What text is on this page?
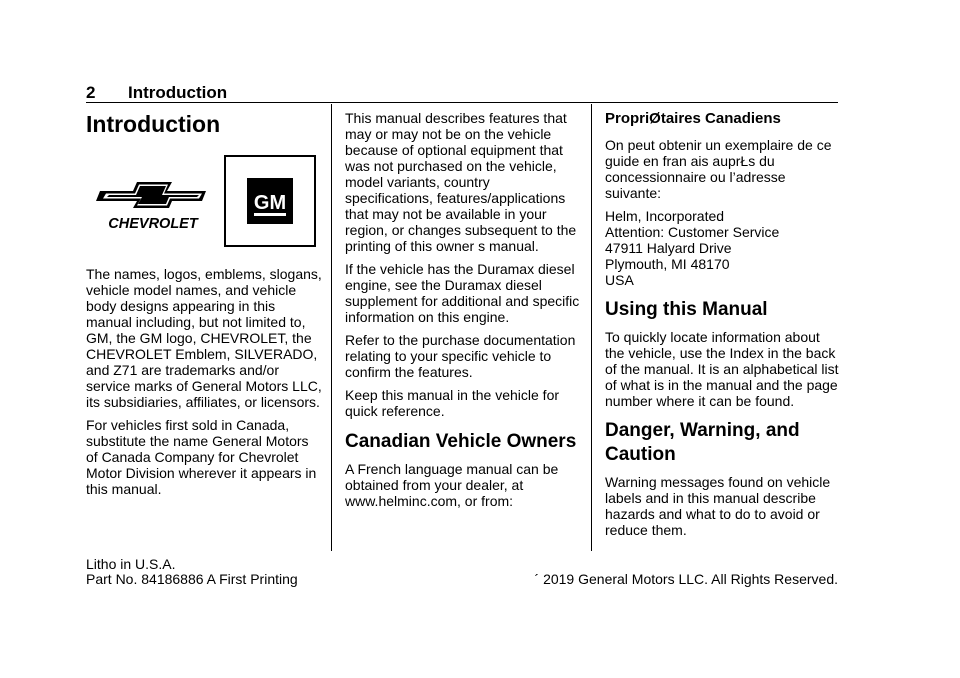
2 Introduction
Introduction
CHEVROLET
GM

The names, logos, emblems, slogans, vehicle model names, and vehicle body designs appearing in this manual including, but not limited to, GM, the GM logo, CHEVROLET, the CHEVROLET Emblem, SILVERADO, and Z71 are trademarks and/or service marks of General Motors LLC, its subsidiaries, affiliates, or licensors.

For vehicles first sold in Canada, substitute the name General Motors of Canada Company for Chevrolet Motor Division wherever it appears in this manual.

This manual describes features that may or may not be on the vehicle because of optional equipment that was not purchased on the vehicle, model variants, country specifications, features/applications that may not be available in your region, or changes subsequent to the printing of this owner s manual.

If the vehicle has the Duramax diesel engine, see the Duramax diesel supplement for additional and specific information on this engine.

Refer to the purchase documentation relating to your specific vehicle to confirm the features.

Keep this manual in the vehicle for quick reference.

Canadian Vehicle Owners

A French language manual can be obtained from your dealer, at www.helminc.com, or from:

PropriØtaires Canadiens

On peut obtenir un exemplaire de ce guide en fran ais auprŁs du concessionnaire ou l’adresse suivante:

Helm, Incorporated
Attention: Customer Service
47911 Halyard Drive
Plymouth, MI 48170
USA

Using this Manual

To quickly locate information about the vehicle, use the Index in the back of the manual. It is an alphabetical list of what is in the manual and the page number where it can be found.

Danger, Warning, and Caution

Warning messages found on vehicle labels and in this manual describe hazards and what to do to avoid or reduce them.

Litho in U.S.A.
Part No. 84186886 A First Printing	´ 2019 General Motors LLC. All Rights Reserved.
